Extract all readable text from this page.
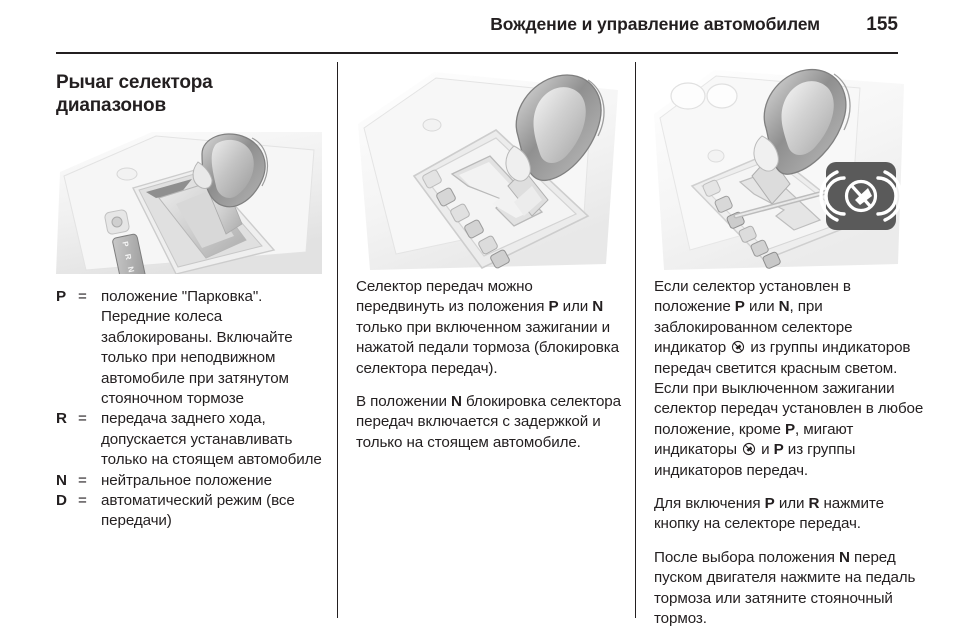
Вождение и управление автомобилем	155
Рычаг селектора диапазонов
P
R
N
P = положение "Парковка". Передние колеса заблокированы. Включайте только при неподвижном автомобиле при затянутом стояночном тормозе
R = передача заднего хода, допускается устанавливать только на стоящем автомобиле
N = нейтральное положение
D = автоматический режим (все передачи)

Селектор передач можно передвинуть из положения P или N только при включенном зажигании и нажатой педали тормоза (блокировка селектора передач).

В положении N блокировка селектора передач включается с задержкой и только на стоящем автомобиле.

Если селектор установлен в положение P или N, при заблокированном селекторе индикатор  из группы индикаторов передач светится красным светом. Если при выключенном зажигании селектор передач установлен в любое положение, кроме P, мигают индикаторы  и P из группы индикаторов передач.

Для включения P или R нажмите кнопку на селекторе передач.

После выбора положения N перед пуском двигателя нажмите на педаль тормоза или затяните стояночный тормоз.
